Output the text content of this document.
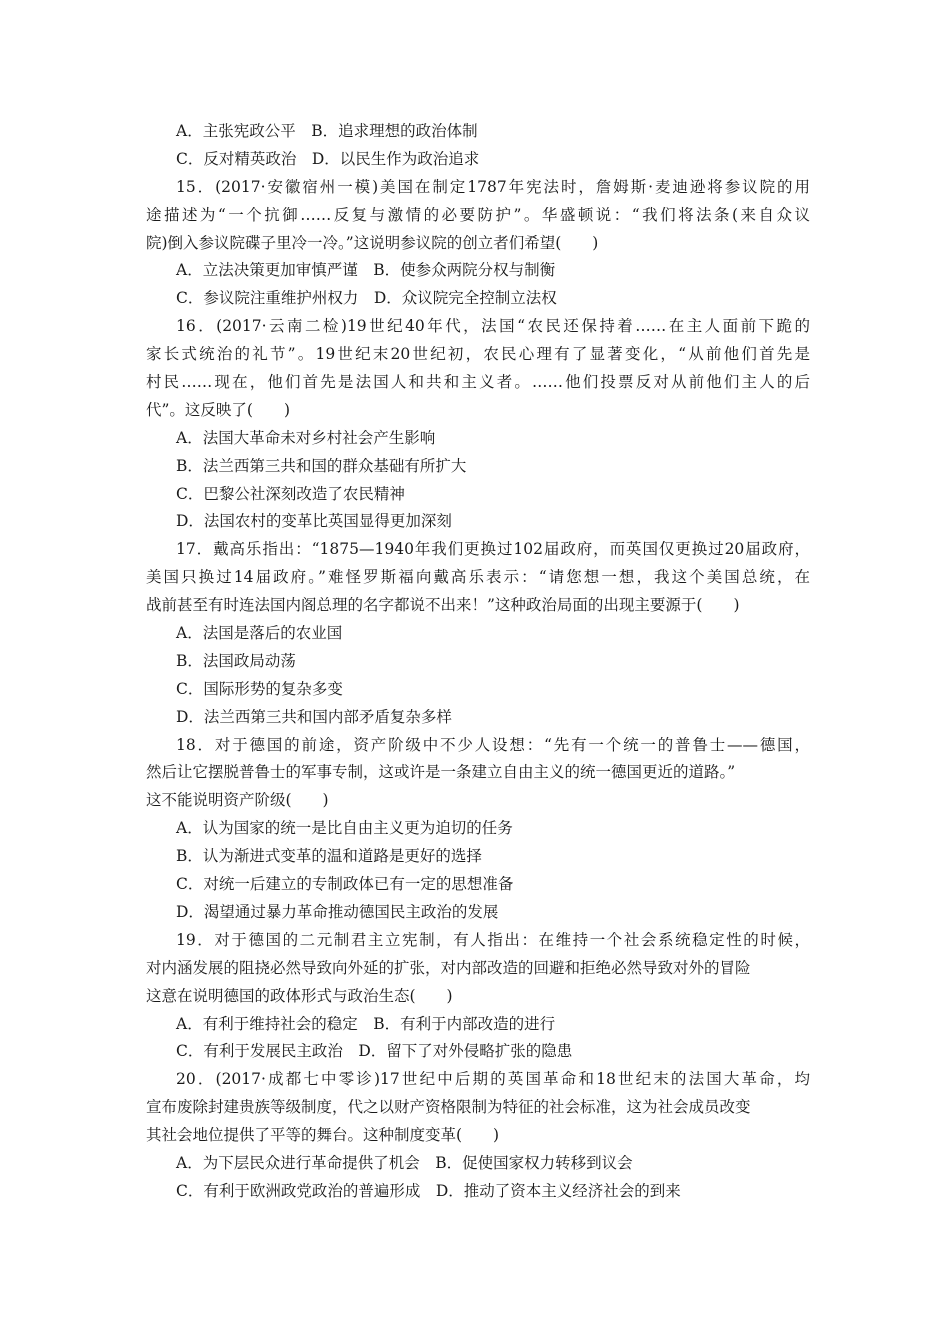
A．主张宪政公平　B．追求理想的政治体制
C．反对精英政治　D．以民生作为政治追求
15．(2017·安徽宿州一模)美国在制定1787年宪法时，詹姆斯·麦迪逊将参议院的用
途描述为“一个抗御……反复与激情的必要防护”。华盛顿说：“我们将法条(来自众议
院)倒入参议院碟子里冷一冷。”这说明参议院的创立者们希望(　　)
A．立法决策更加审慎严谨　B．使参众两院分权与制衡
C．参议院注重维护州权力　D．众议院完全控制立法权
16．(2017·云南二检)19世纪40年代，法国“农民还保持着……在主人面前下跪的
家长式统治的礼节”。19世纪末20世纪初，农民心理有了显著变化，“从前他们首先是
村民……现在，他们首先是法国人和共和主义者。……他们投票反对从前他们主人的后
代”。这反映了(　　)
A．法国大革命未对乡村社会产生影响
B．法兰西第三共和国的群众基础有所扩大
C．巴黎公社深刻改造了农民精神
D．法国农村的变革比英国显得更加深刻
17．戴高乐指出：“1875—1940年我们更换过102届政府，而英国仅更换过20届政府，
美国只换过14届政府。”难怪罗斯福向戴高乐表示：“请您想一想，我这个美国总统，在
战前甚至有时连法国内阁总理的名字都说不出来！”这种政治局面的出现主要源于(　　)
A．法国是落后的农业国
B．法国政局动荡
C．国际形势的复杂多变
D．法兰西第三共和国内部矛盾复杂多样
18．对于德国的前途，资产阶级中不少人设想：“先有一个统一的普鲁士——德国，
然后让它摆脱普鲁士的军事专制，这或许是一条建立自由主义的统一德国更近的道路。”
这不能说明资产阶级(　　)
A．认为国家的统一是比自由主义更为迫切的任务
B．认为渐进式变革的温和道路是更好的选择
C．对统一后建立的专制政体已有一定的思想准备
D．渴望通过暴力革命推动德国民主政治的发展
19．对于德国的二元制君主立宪制，有人指出：在维持一个社会系统稳定性的时候，
对内涵发展的阻挠必然导致向外延的扩张，对内部改造的回避和拒绝必然导致对外的冒险
这意在说明德国的政体形式与政治生态(　　)
A．有利于维持社会的稳定　B．有利于内部改造的进行
C．有利于发展民主政治　D．留下了对外侵略扩张的隐患
20．(2017·成都七中零诊)17世纪中后期的英国革命和18世纪末的法国大革命，均
宣布废除封建贵族等级制度，代之以财产资格限制为特征的社会标准，这为社会成员改变
其社会地位提供了平等的舞台。这种制度变革(　　)
A．为下层民众进行革命提供了机会　B．促使国家权力转移到议会
C．有利于欧洲政党政治的普遍形成　D．推动了资本主义经济社会的到来
